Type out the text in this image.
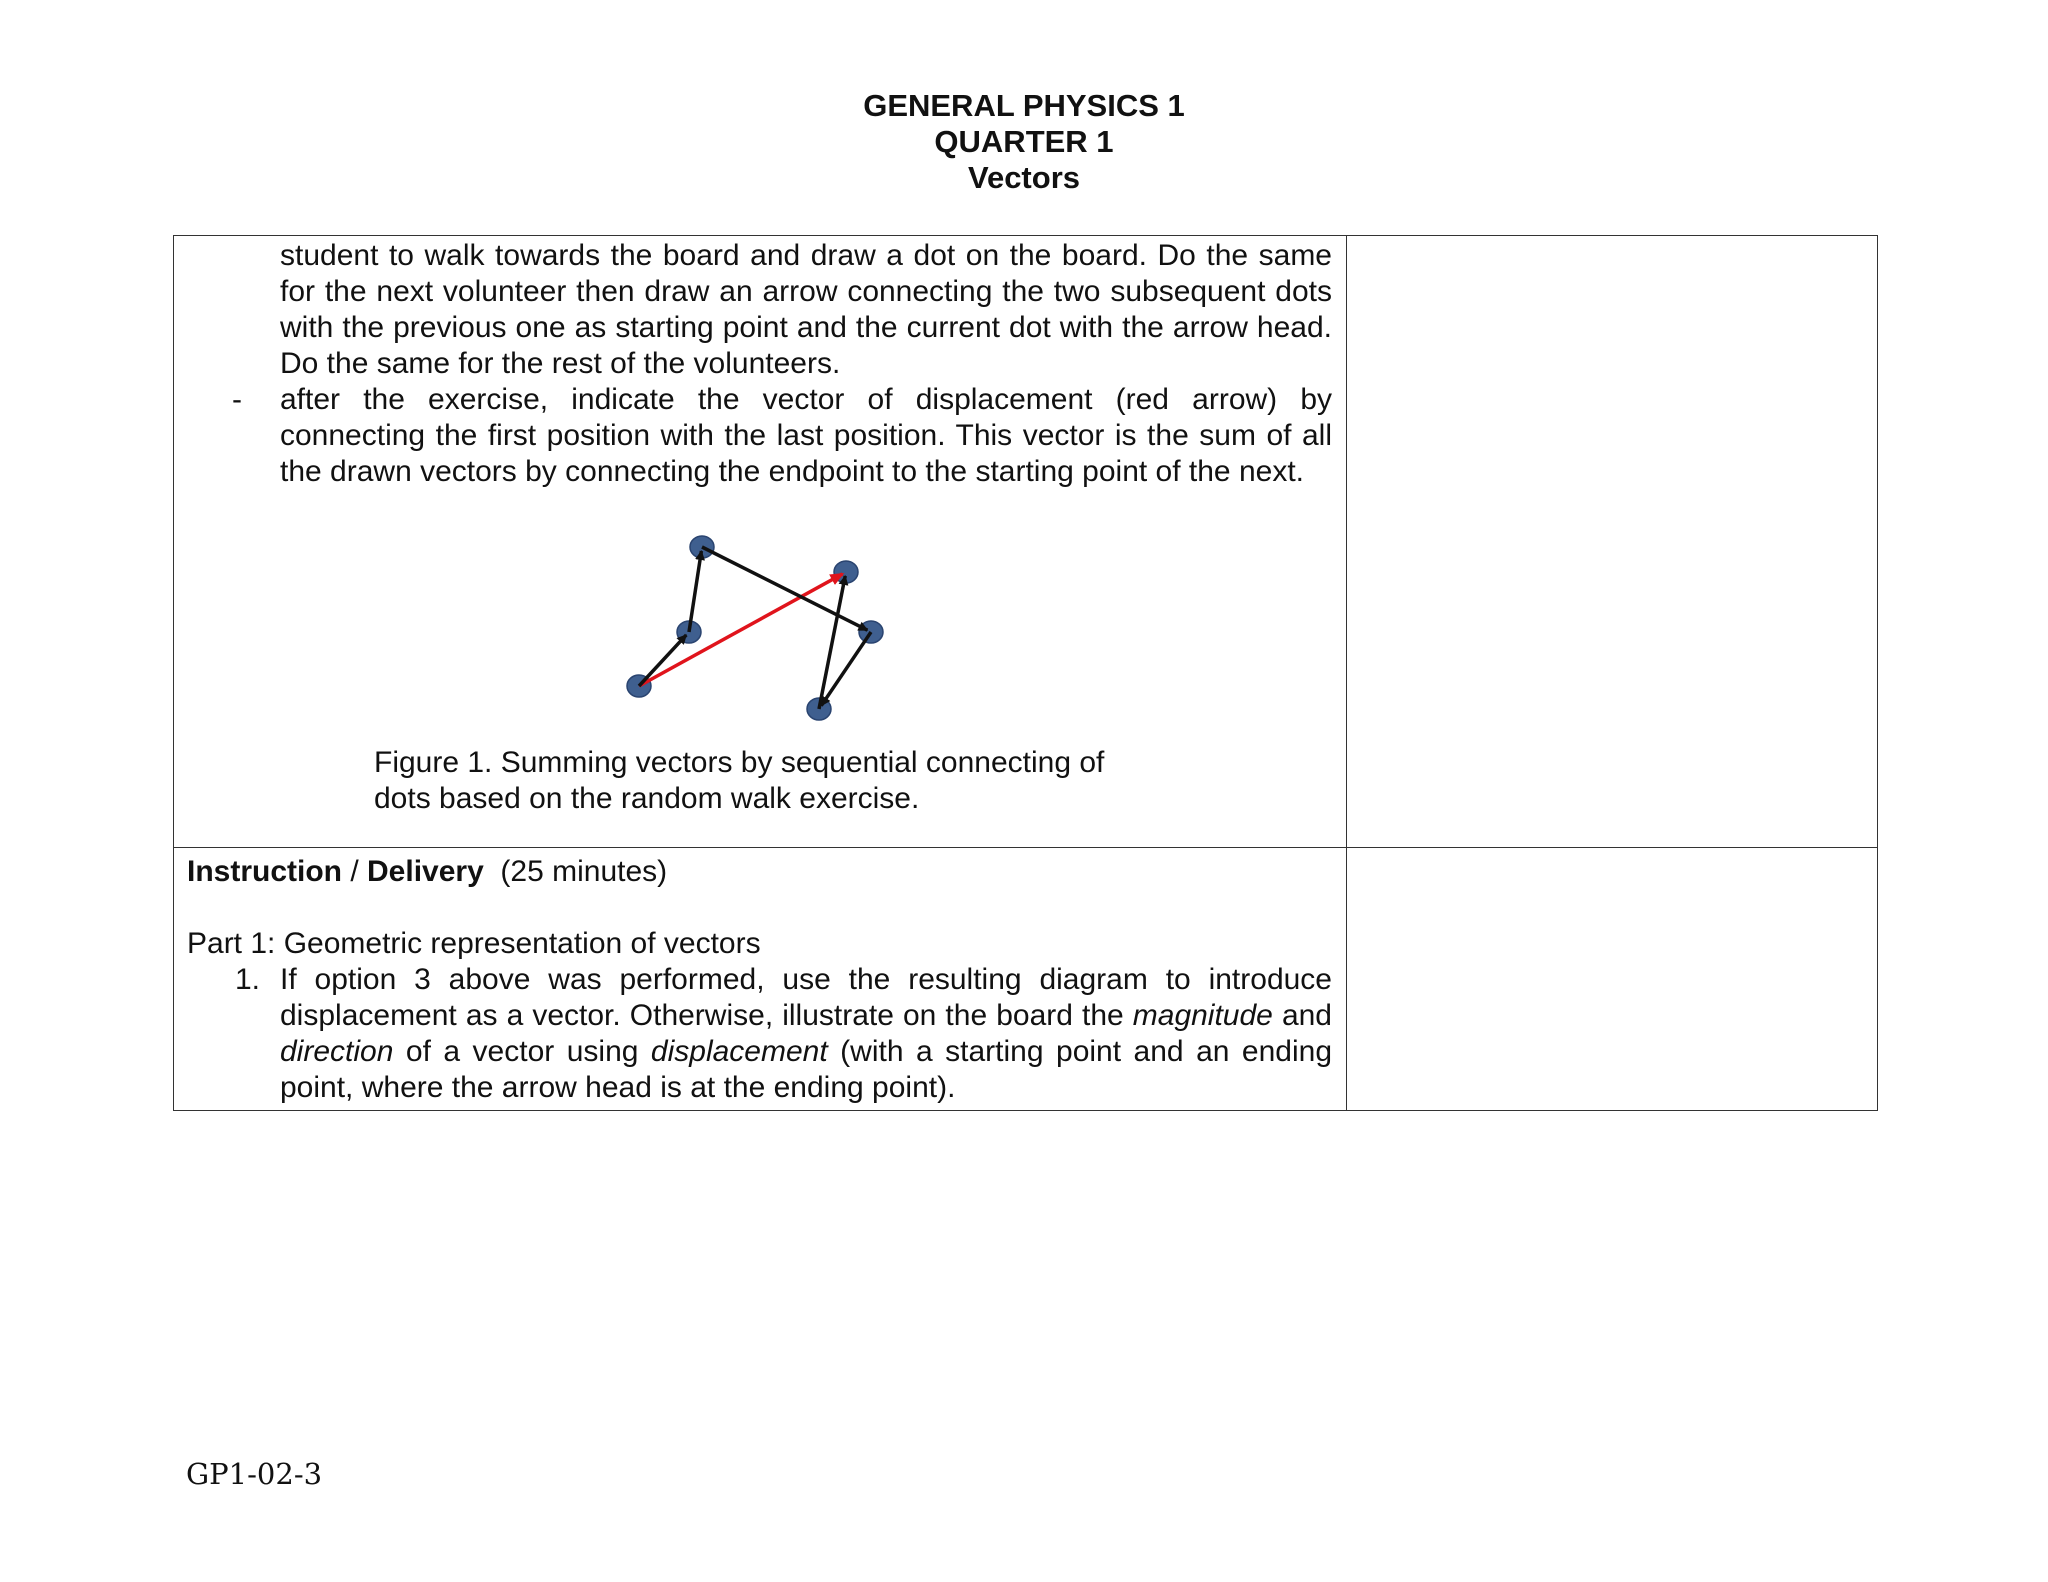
GENERAL PHYSICS 1
QUARTER 1
Vectors
student to walk towards the board and draw a dot on the board. Do the same for the next volunteer then draw an arrow connecting the two subsequent dots with the previous one as starting point and the current dot with the arrow head. Do the same for the rest of the volunteers.
- after the exercise, indicate the vector of displacement (red arrow) by connecting the first position with the last position. This vector is the sum of all the drawn vectors by connecting the endpoint to the starting point of the next.
Figure 1. Summing vectors by sequential connecting of
dots based on the random walk exercise.	

Instruction / Delivery  (25 minutes)
Part 1: Geometric representation of vectors
1. If option 3 above was performed, use the resulting diagram to introduce displacement as a vector. Otherwise, illustrate on the board the magnitude and direction of a vector using displacement (with a starting point and an ending point, where the arrow head is at the ending point).	

GP1-02-3
